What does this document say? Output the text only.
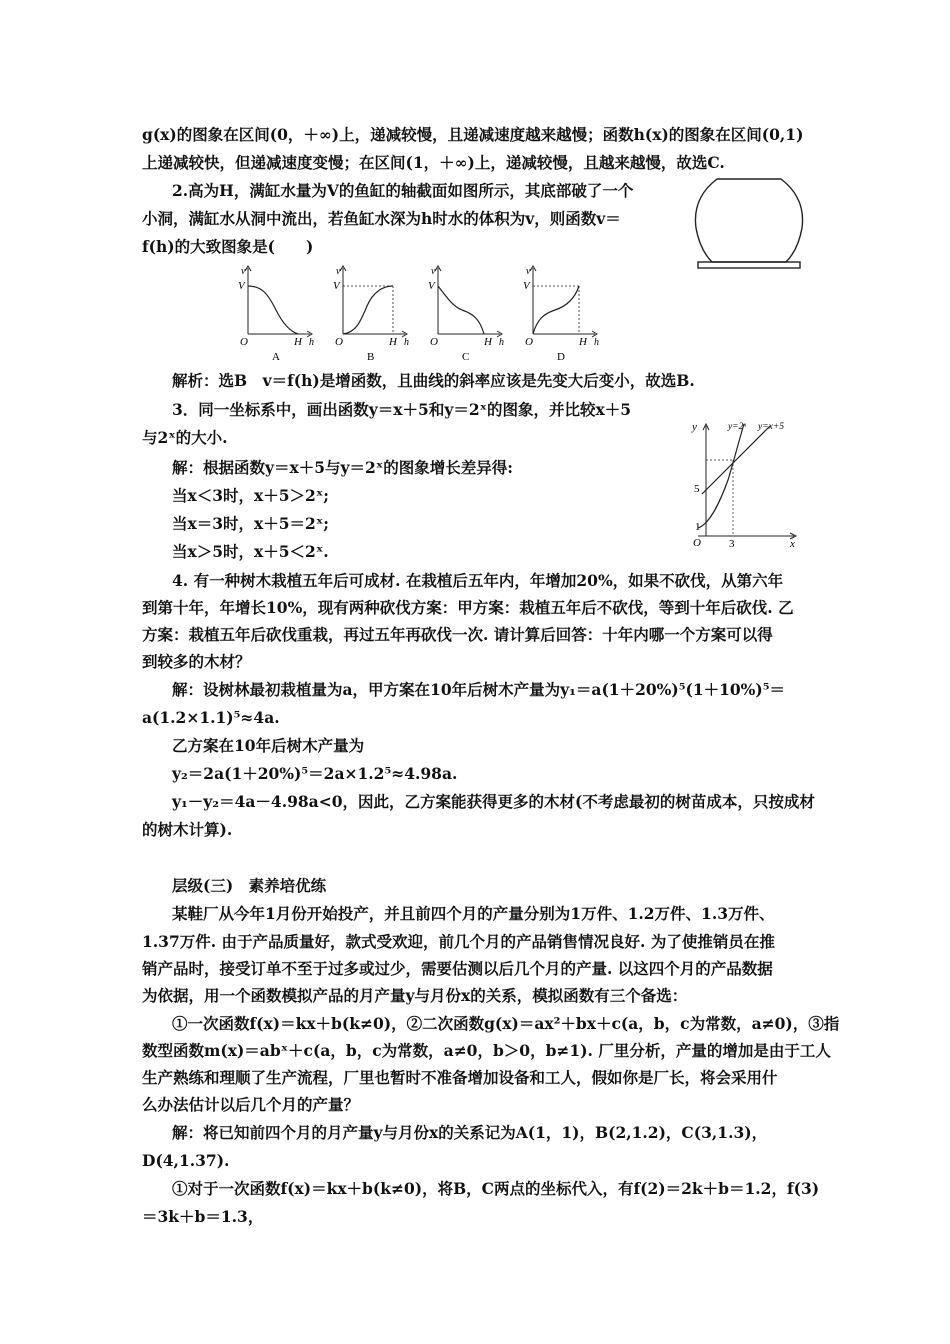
g(x)的图象在区间(0，＋∞)上，递减较慢，且递减速度越来越慢；函数h(x)的图象在区间(0,1)
上递减较快，但递减速度变慢；在区间(1，＋∞)上，递减较慢，且越来越慢，故选C.
2.高为H，满缸水量为V的鱼缸的轴截面如图所示，其底部破了一个
小洞，满缸水从洞中流出，若鱼缸水深为h时水的体积为v，则函数v＝
f(h)的大致图象是(　　)
解析：选B　v＝f(h)是增函数，且曲线的斜率应该是先变大后变小，故选B.
3．同一坐标系中，画出函数y＝x＋5和y＝2ˣ的图象，并比较x＋5
与2ˣ的大小.
解：根据函数y＝x＋5与y＝2ˣ的图象增长差异得:
当x＜3时，x＋5＞2ˣ;
当x＝3时，x＋5＝2ˣ;
当x＞5时，x＋5＜2ˣ.
4. 有一种树木栽植五年后可成材. 在栽植后五年内，年增加20%，如果不砍伐，从第六年
到第十年，年增长10%，现有两种砍伐方案：甲方案：栽植五年后不砍伐，等到十年后砍伐. 乙
方案：栽植五年后砍伐重栽，再过五年再砍伐一次. 请计算后回答：十年内哪一个方案可以得
到较多的木材？
解：设树林最初栽植量为a，甲方案在10年后树木产量为y₁＝a(1＋20%)⁵(1＋10%)⁵＝
a(1.2×1.1)⁵≈4a.
乙方案在10年后树木产量为
y₂＝2a(1＋20%)⁵＝2a×1.2⁵≈4.98a.
y₁－y₂＝4a－4.98a<0，因此，乙方案能获得更多的木材(不考虑最初的树苗成本，只按成材
的树木计算).
层级(三)　素养培优练
某鞋厂从今年1月份开始投产，并且前四个月的产量分别为1万件、1.2万件、1.3万件、
1.37万件. 由于产品质量好，款式受欢迎，前几个月的产品销售情况良好. 为了使推销员在推
销产品时，接受订单不至于过多或过少，需要估测以后几个月的产量. 以这四个月的产品数据
为依据，用一个函数模拟产品的月产量y与月份x的关系，模拟函数有三个备选：
①一次函数f(x)＝kx＋b(k≠0)，②二次函数g(x)＝ax²＋bx＋c(a，b，c为常数，a≠0)，③指
数型函数m(x)＝abˣ＋c(a，b，c为常数，a≠0，b＞0，b≠1). 厂里分析，产量的增加是由于工人
生产熟练和理顺了生产流程，厂里也暂时不准备增加设备和工人，假如你是厂长，将会采用什
么办法估计以后几个月的产量？
解：将已知前四个月的月产量y与月份x的关系记为A(1，1)，B(2,1.2)，C(3,1.3)，
D(4,1.37).
①对于一次函数f(x)＝kx＋b(k≠0)，将B，C两点的坐标代入，有f(2)＝2k＋b＝1.2，f(3)
＝3k＋b＝1.3，
v
V
O	H h
A
v
V
O	H h
B
v
V
O	H h
C
v
V
O	H h
D
y
x
O
5
1
3
y=2ˣ y=x+5
